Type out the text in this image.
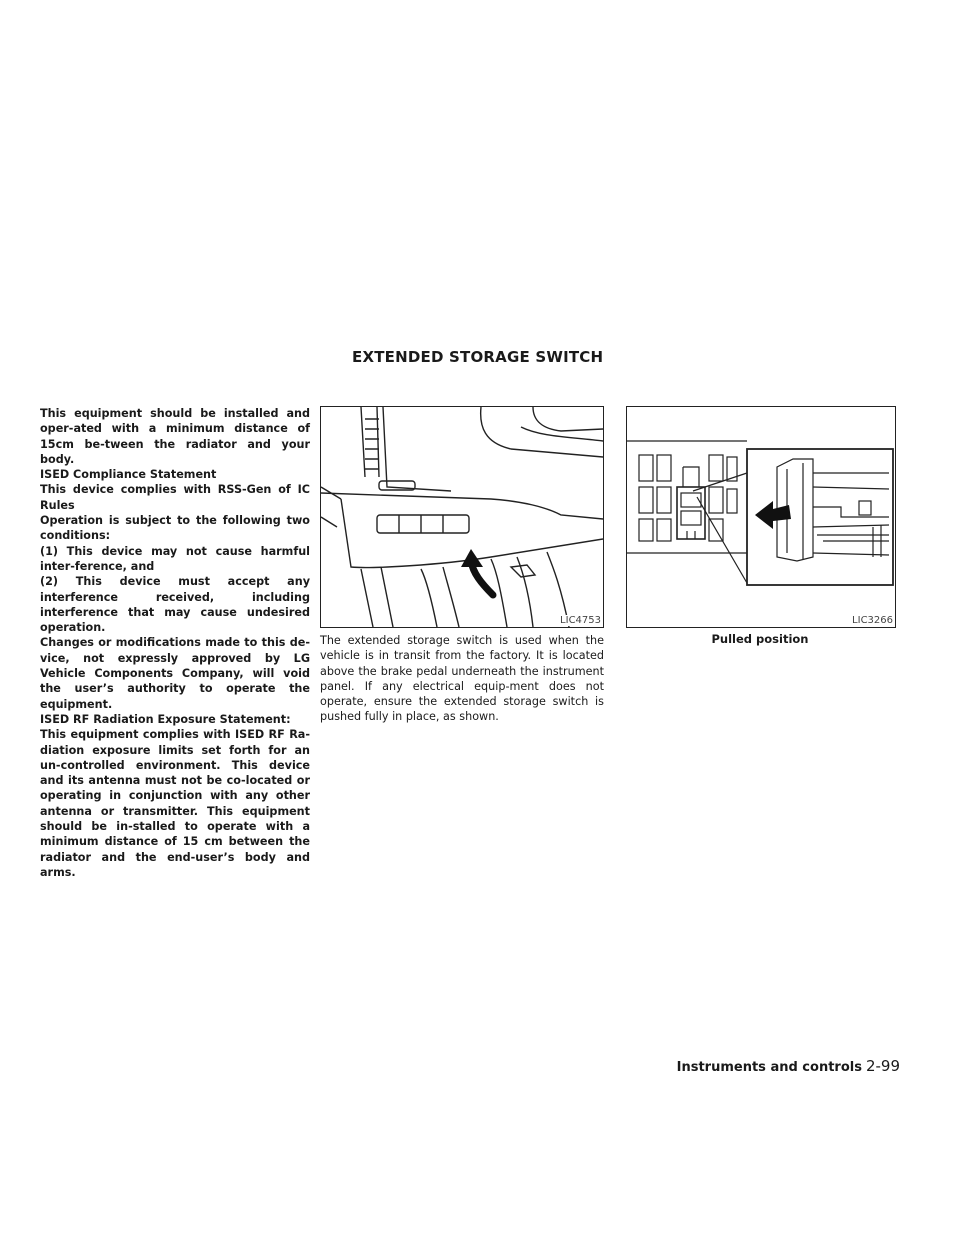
EXTENDED STORAGE SWITCH

This equipment should be installed and oper-ated with a minimum distance of 15cm be-tween the radiator and your body.

ISED Compliance Statement

This device complies with RSS-Gen of IC Rules

Operation is subject to the following two conditions:

(1) This device may not cause harmful inter-ference, and

(2) This device must accept any interference received, including interference that may cause undesired operation.

Changes or modifications made to this de-vice, not expressly approved by LG Vehicle Components Company, will void the user’s authority to operate the equipment.

ISED RF Radiation Exposure Statement:

This equipment complies with ISED RF Ra-diation exposure limits set forth for an un-controlled environment. This device and its antenna must not be co-located or operating in conjunction with any other antenna or transmitter. This equipment should be in-stalled to operate with a minimum distance of 15 cm between the radiator and the end-user’s body and arms.

LIC4753	LIC3266
Pulled position

The extended storage switch is used when the vehicle is in transit from the factory. It is located above the brake pedal underneath the instrument panel. If any electrical equip-ment does not operate, ensure the extended storage switch is pushed fully in place, as shown.

Instruments and controls 2-99
